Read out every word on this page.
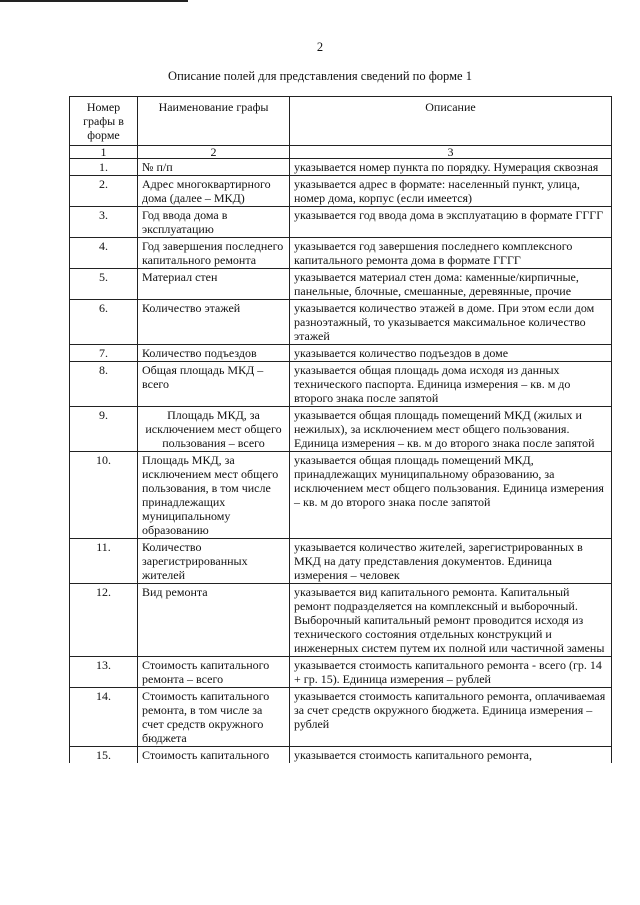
2
Описание полей для представления сведений по форме 1
Номер графы в форме	Наименование графы	Описание
1	2	3
1.	№ п/п	указывается номер пункта по порядку. Нумерация сквозная
2.	Адрес многоквартирного дома (далее – МКД)	указывается адрес в формате: населенный пункт, улица, номер дома, корпус (если имеется)
3.	Год ввода дома в эксплуатацию	указывается год ввода дома в эксплуатацию в формате ГГГГ
4.	Год завершения последнего капитального ремонта	указывается год завершения последнего комплексного капитального ремонта дома в формате ГГГГ
5.	Материал стен	указывается материал стен дома: каменные/кирпичные, панельные, блочные, смешанные, деревянные, прочие
6.	Количество этажей	указывается количество этажей в доме. При этом если дом разноэтажный, то указывается максимальное количество этажей
7.	Количество подъездов	указывается количество подъездов в доме
8.	Общая площадь МКД – всего	указывается общая площадь дома исходя из данных технического паспорта. Единица измерения – кв. м до второго знака после запятой
9.	Площадь МКД, за исключением мест общего пользования – всего	указывается общая площадь помещений МКД (жилых и нежилых), за исключением мест общего пользования. Единица измерения – кв. м до второго знака после запятой
10.	Площадь МКД, за исключением мест общего пользования, в том числе принадлежащих муниципальному образованию	указывается общая площадь помещений МКД, принадлежащих муниципальному образованию, за исключением мест общего пользования. Единица измерения – кв. м до второго знака после запятой
11.	Количество зарегистрированных жителей	указывается количество жителей, зарегистрированных в МКД на дату представления документов. Единица измерения – человек
12.	Вид ремонта	указывается вид капитального ремонта. Капитальный ремонт подразделяется на комплексный и выборочный. Выборочный капитальный ремонт проводится исходя из технического состояния отдельных конструкций и инженерных систем путем их полной или частичной замены
13.	Стоимость капитального ремонта – всего	указывается стоимость капитального ремонта - всего (гр. 14 + гр. 15). Единица измерения – рублей
14.	Стоимость капитального ремонта, в том числе за счет средств окружного бюджета	указывается стоимость капитального ремонта, оплачиваемая за счет средств окружного бюджета. Единица измерения – рублей
15.	Стоимость капитального	указывается стоимость капитального ремонта,
